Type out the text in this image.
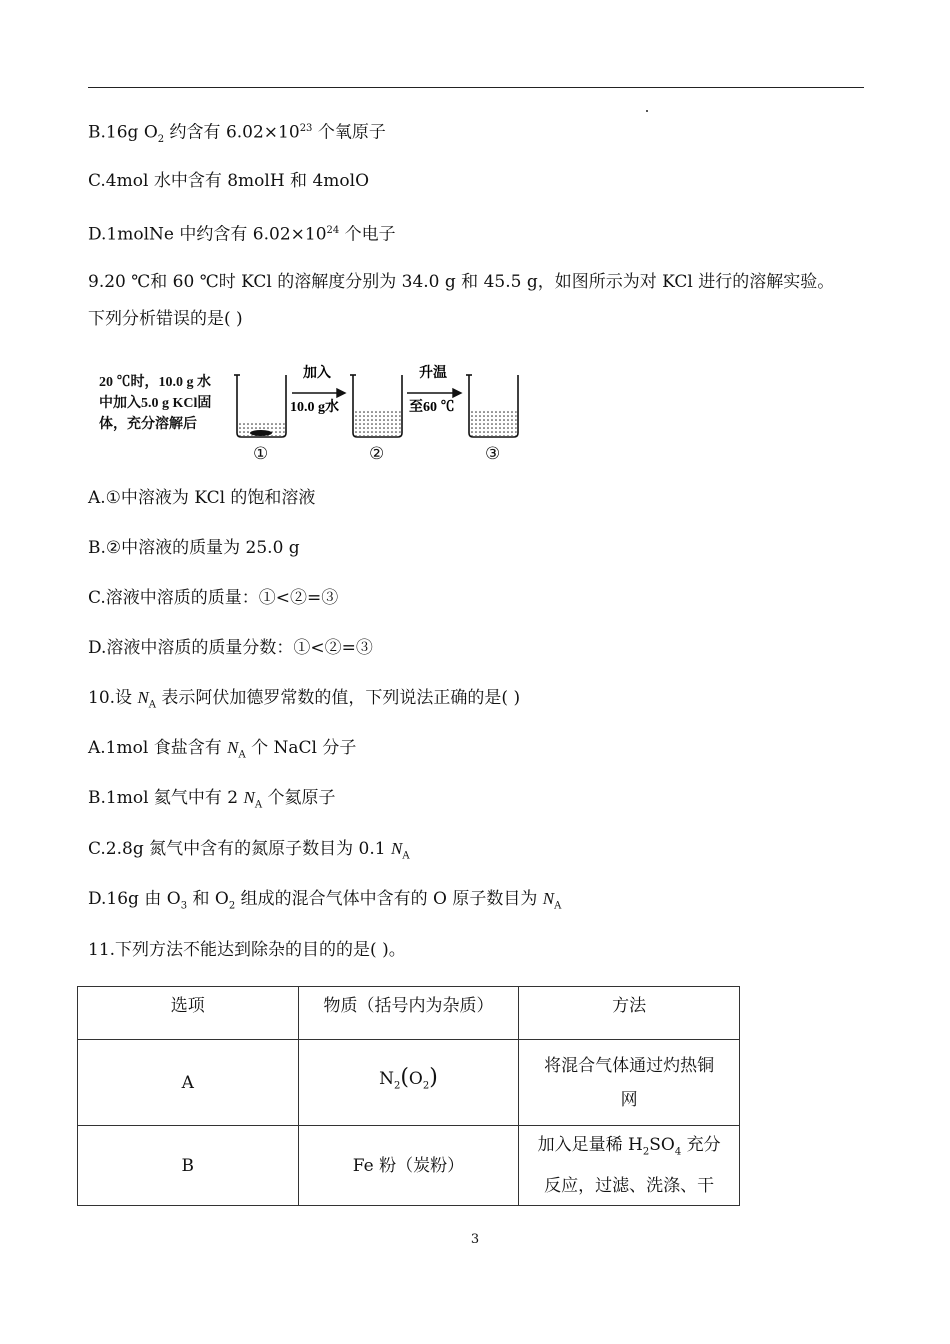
B.16g $O_2$ 约含有 $6.02\times 10^{23}$ 个氧原子
C.4mol 水中含有 8molH 和 4molO
D.1molNe 中约含有 $6.02\times 10^{24}$ 个电子
9.20 ℃和 60 ℃时 KCl 的溶解度分别为 34.0 g 和 45.5 g，如图所示为对 KCl 进行的溶解实验。
下列分析错误的是( )
20 ℃时，10.0 g 水
中加入5.0 g KCl固
体，充分溶解后
加入
10.0 g水
升温
至60 ℃
①	②	③
A.①中溶液为 KCl 的饱和溶液
B.②中溶液的质量为 25.0 g
C.溶液中溶质的质量：①<②=③
D.溶液中溶质的质量分数：①<②=③
10.设 $N_A$ 表示阿伏加德罗常数的值，下列说法正确的是( )
A.1mol 食盐含有 $N_A$ 个 NaCl 分子
B.1mol 氦气中有 2 $N_A$ 个氦原子
C.2.8g 氮气中含有的氮原子数目为 0.1 $N_A$
D.16g 由 $O_3$ 和 $O_2$ 组成的混合气体中含有的 O 原子数目为 $N_A$
11.下列方法不能达到除杂的目的的是( )。
选项	物质（括号内为杂质）	方法
A	$N_2(O_2)$	将混合气体通过灼热铜
网

B	Fe 粉（炭粉）	加入足量稀 $H_2SO_4$ 充分
反应，过滤、洗涤、干
3
